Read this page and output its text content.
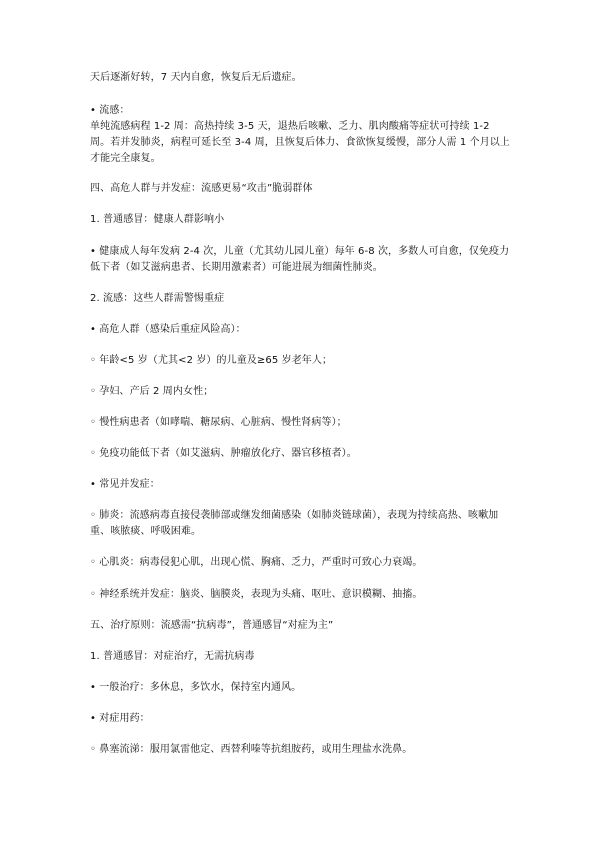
天后逐渐好转，7 天内自愈，恢复后无后遗症。

• 流感：

单纯流感病程 1-2 周：高热持续 3-5 天，退热后咳嗽、乏力、肌肉酸痛等症状可持续 1-2 周。若并发肺炎，病程可延长至 3-4 周，且恢复后体力、食欲恢复缓慢，部分人需 1 个月以上才能完全康复。

四、高危人群与并发症：流感更易“攻击”脆弱群体

1. 普通感冒：健康人群影响小

• 健康成人每年发病 2-4 次，儿童（尤其幼儿园儿童）每年 6-8 次，多数人可自愈，仅免疫力低下者（如艾滋病患者、长期用激素者）可能进展为细菌性肺炎。

2. 流感：这些人群需警惕重症

• 高危人群（感染后重症风险高）：

◦ 年龄<5 岁（尤其<2 岁）的儿童及≥65 岁老年人；

◦ 孕妇、产后 2 周内女性；

◦ 慢性病患者（如哮喘、糖尿病、心脏病、慢性肾病等）；

◦ 免疫功能低下者（如艾滋病、肿瘤放化疗、器官移植者）。

• 常见并发症：

◦ 肺炎：流感病毒直接侵袭肺部或继发细菌感染（如肺炎链球菌），表现为持续高热、咳嗽加重、咳脓痰、呼吸困难。

◦ 心肌炎：病毒侵犯心肌，出现心慌、胸痛、乏力，严重时可致心力衰竭。

◦ 神经系统并发症：脑炎、脑膜炎，表现为头痛、呕吐、意识模糊、抽搐。

五、治疗原则：流感需“抗病毒”，普通感冒“对症为主”

1. 普通感冒：对症治疗，无需抗病毒

• 一般治疗：多休息，多饮水，保持室内通风。

• 对症用药：

◦ 鼻塞流涕：服用氯雷他定、西替利嗪等抗组胺药，或用生理盐水洗鼻。
